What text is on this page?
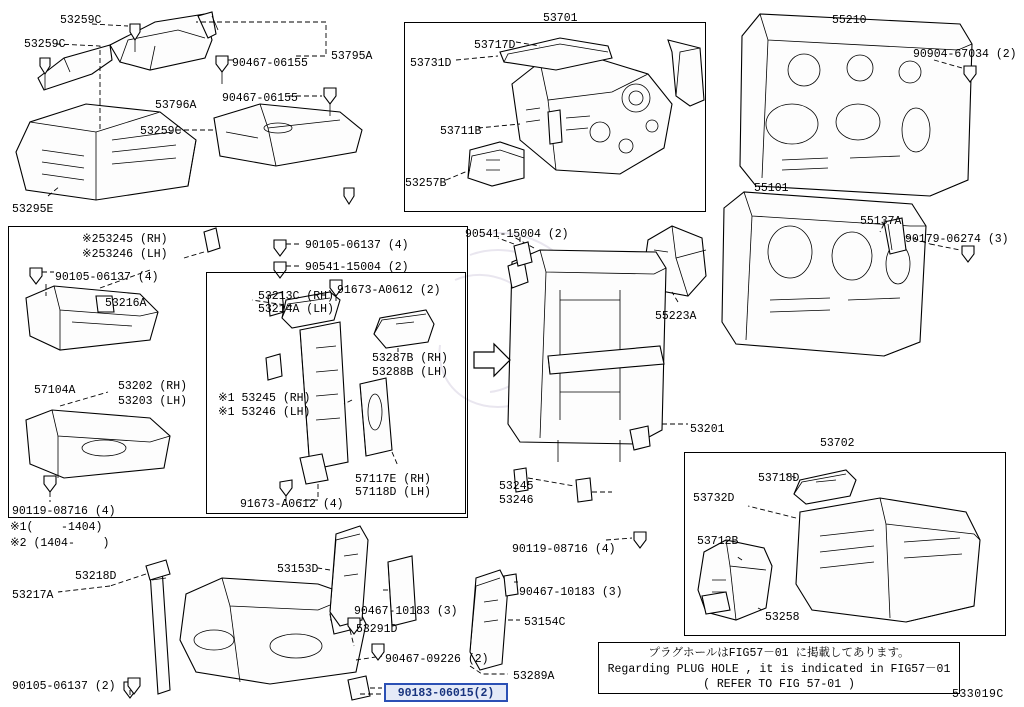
プラグホールはFIG57－01 に掲載してあります。
Regarding PLUG HOLE , it is indicated in FIG57－01
( REFER TO FIG 57-01 )
※1(    -1404)
※2 (1404-    )
90183-06015(2)	533019C
53259C
53259C
90467-06155
53795A
53796A
90467-06155
53259C
53295E
53701
53717D
53731D
53711B
53257B
55210
90904-67034 (2)
55101
55137A
90179-06274 (3)
55223A
※253245 (RH)
※253246 (LH)
90105-06137 (4)
90541-15004 (2)
90541-15004 (2)
90105-06137 (4)
53213C (RH)
53214A (LH)
91673-A0612 (2)
53216A
53287B (RH)
53288B (LH)
57104A	53202 (RH)
53203 (LH)	※1 53245 (RH)
※1 53246 (LH)
57117E (RH)
57118D (LH)
91673-A0612 (4)
90119-08716 (4)
53201
53245
53246
90119-08716 (4)
53702
53718D
53732D
53712B
53258
53218D
53217A
53153D
90467-10183 (3)
53291D
90467-10183 (3)
53154C
90467-09226 (2)
53289A
90105-06137 (2)
